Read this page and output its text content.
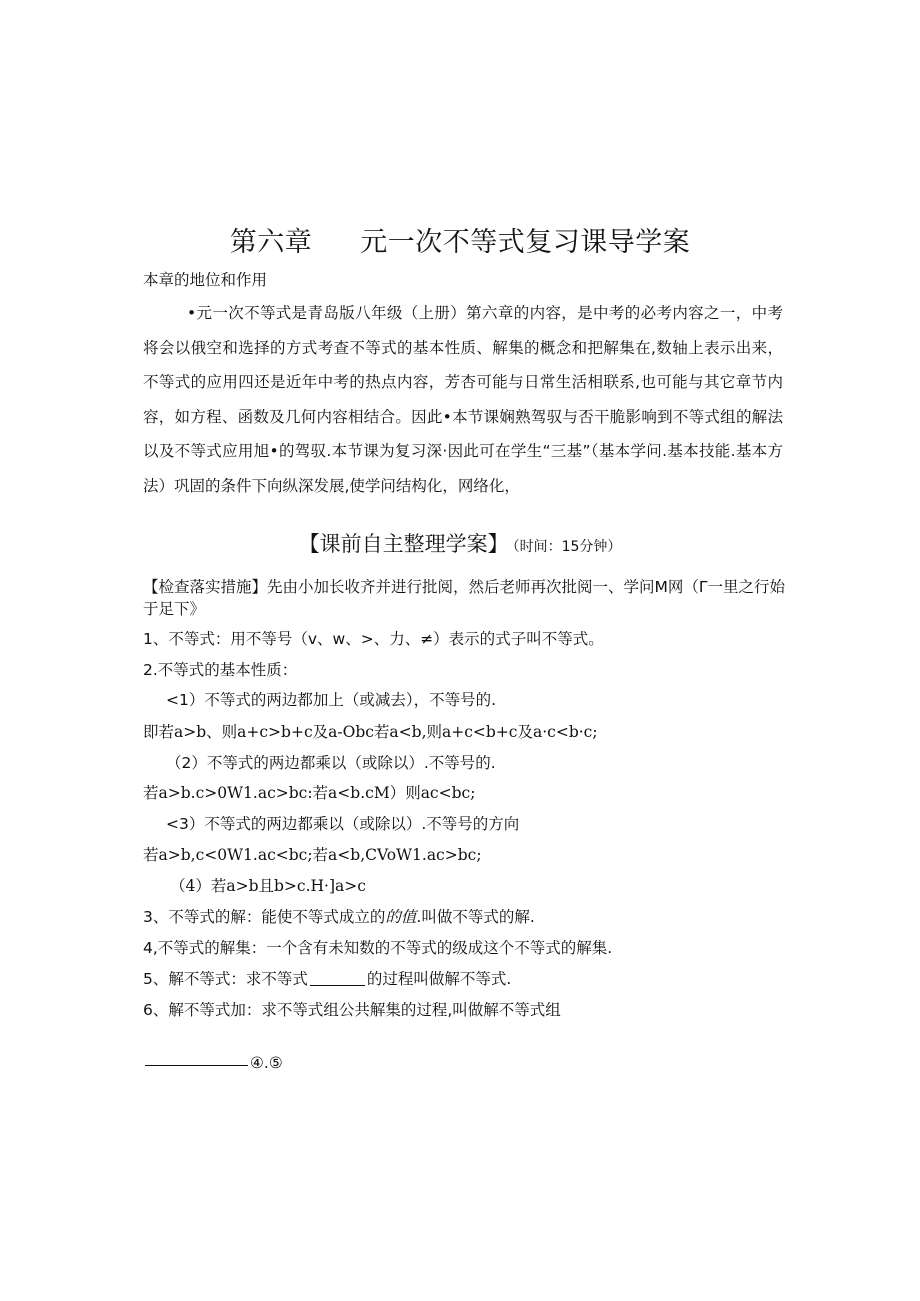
第六章 元一次不等式复习课导学案
本章的地位和作用
•元一次不等式是青岛版八年级（上册）第六章的内容，是中考的必考内容之一，中考将会以俄空和选择的方式考查不等式的基本性质、解集的概念和把解集在,数轴上表示出来，不等式的应用四还是近年中考的热点内容，芳杏可能与日常生活相联系,也可能与其它章节内容，如方程、函数及几何内容相结合。因此•本节课娴熟驾驭与否干脆影响到不等式组的解法以及不等式应用旭•的驾驭.本节课为复习深·因此可在学生“三基”（基本学问.基本技能.基本方法）巩固的条件下向纵深发展,使学问结构化，网络化，
【课前自主整理学案】 （时间：15分钟）
【检查落实措施】先由小加长收齐并进行批阅，然后老师再次批阅一、学问M网（Γ一里之行始
于足下》
1、不等式：用不等号（v、w、>、力、≠）表示的式子叫不等式。
2.不等式的基本性质：
<1）不等式的两边都加上（或减去），不等号的.
即若a>b、则a+c>b+c及a-Obc若a<b,则a+c<b+c及a·c<b·c;
（2）不等式的两边都乘以（或除以）.不等号的.
若a>b.c>0W1.ac>bc:若a<b.cM）则ac<bc;
<3）不等式的两边都乘以（或除以）.不等号的方向
若a>b,c<0W1.ac<bc;若a<b,CVoW1.ac>bc;
（4）若a>b且b>c.H·]a>c
3、不等式的解：能使不等式成立的的值.叫做不等式的解.
4,不等式的解集：一个含有未知数的不等式的级成这个不等式的解集.
5、解不等式：求不等式	的过程叫做解不等式.
6、解不等式加：求不等式组公共解集的过程,叫做解不等式组
④.⑤
